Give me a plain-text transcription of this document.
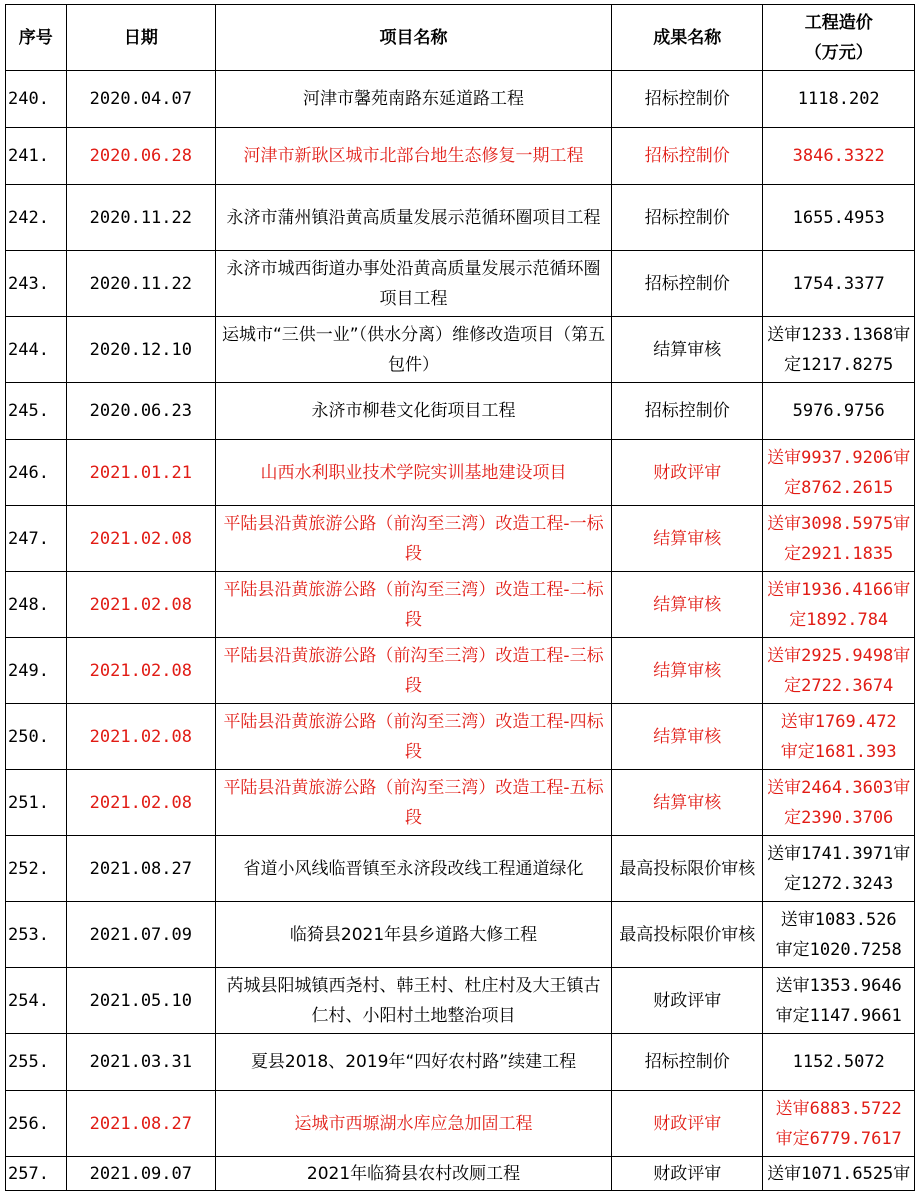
序号	日期	项目名称	成果名称	工程造价
（万元）

240.	2020.04.07	河津市馨苑南路东延道路工程	招标控制价	1118.202

241.	2020.06.28	河津市新耿区城市北部台地生态修复一期工程	招标控制价	3846.3322

242.	2020.11.22	永济市蒲州镇沿黄高质量发展示范循环圈项目工程	招标控制价	1655.4953

243.	2020.11.22	永济市城西街道办事处沿黄高质量发展示范循环圈项目工程	招标控制价	1754.3377

244.	2020.12.10	运城市“三供一业”（供水分离）维修改造项目（第五包件）	结算审核	送审1233.1368审定1217.8275

245.	2020.06.23	永济市柳巷文化街项目工程	招标控制价	5976.9756

246.	2021.01.21	山西水利职业技术学院实训基地建设项目	财政评审	送审9937.9206审定8762.2615

247.	2021.02.08	平陆县沿黄旅游公路（前沟至三湾）改造工程-一标段	结算审核	送审3098.5975审定2921.1835

248.	2021.02.08	平陆县沿黄旅游公路（前沟至三湾）改造工程-二标段	结算审核	送审1936.4166审定1892.784

249.	2021.02.08	平陆县沿黄旅游公路（前沟至三湾）改造工程-三标段	结算审核	送审2925.9498审定2722.3674

250.	2021.02.08	平陆县沿黄旅游公路（前沟至三湾）改造工程-四标段	结算审核	送审1769.472
审定1681.393

251.	2021.02.08	平陆县沿黄旅游公路（前沟至三湾）改造工程-五标段	结算审核	送审2464.3603审定2390.3706

252.	2021.08.27	省道小风线临晋镇至永济段改线工程通道绿化	最高投标限价审核	送审1741.3971审定1272.3243

253.	2021.07.09	临猗县2021年县乡道路大修工程	最高投标限价审核	送审1083.526
审定1020.7258

254.	2021.05.10	芮城县阳城镇西尧村、韩王村、杜庄村及大王镇古仁村、小阳村土地整治项目	财政评审	送审1353.9646
审定1147.9661

255.	2021.03.31	夏县2018、2019年“四好农村路”续建工程	招标控制价	1152.5072

256.	2021.08.27	运城市西塬湖水库应急加固工程	财政评审	送审6883.5722
审定6779.7617

257.	2021.09.07	2021年临猗县农村改厕工程	财政评审	送审1071.6525审
